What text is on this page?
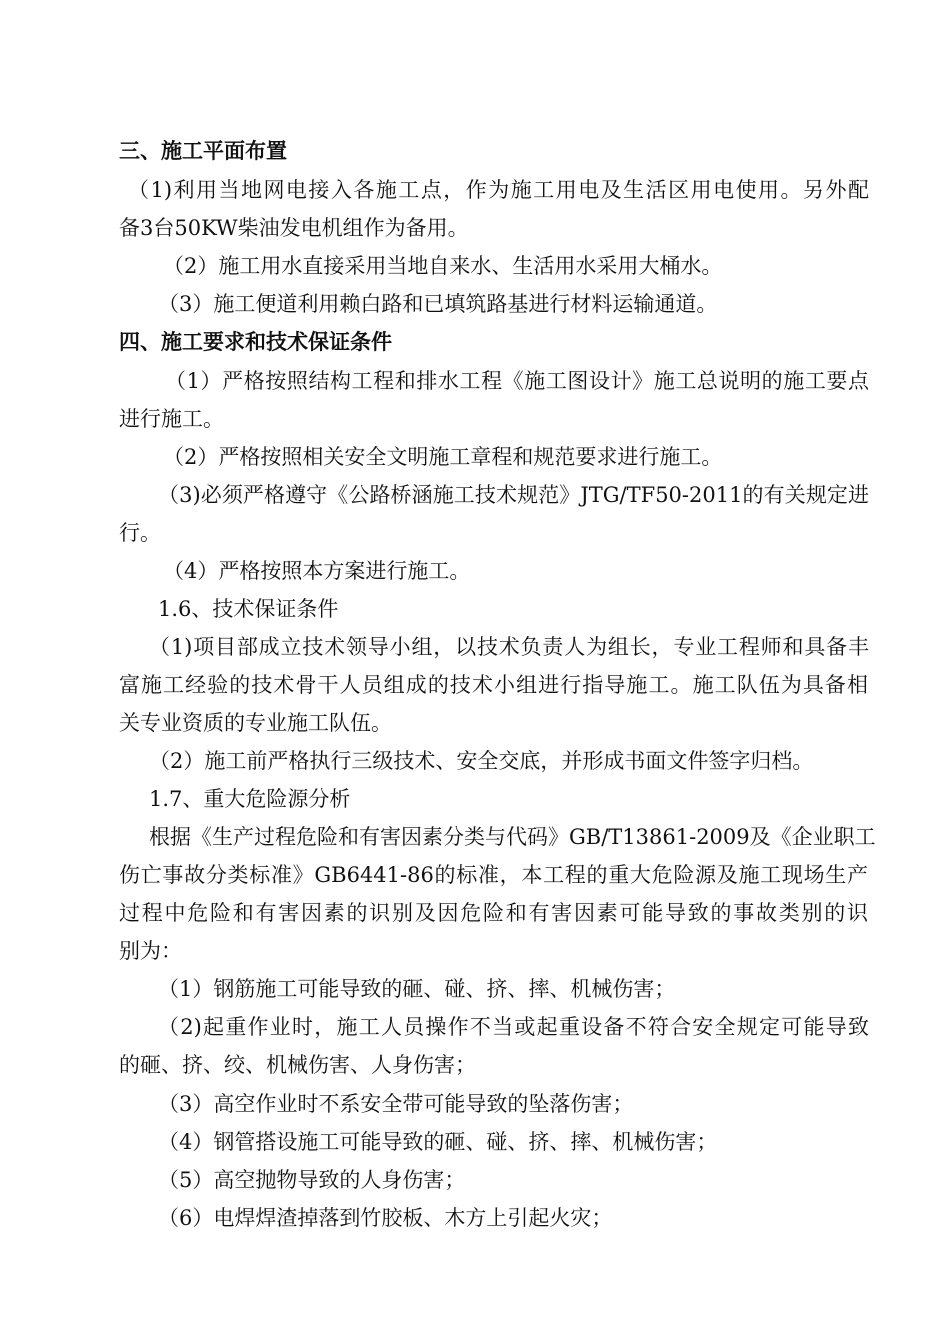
三、施工平面布置
（1)利用当地网电接入各施工点，作为施工用电及生活区用电使用。另外配
备3台50KW柴油发电机组作为备用。
（2）施工用水直接采用当地自来水、生活用水采用大桶水。
（3）施工便道利用赖白路和已填筑路基进行材料运输通道。
四、施工要求和技术保证条件
（1）严格按照结构工程和排水工程《施工图设计》施工总说明的施工要点
进行施工。
（2）严格按照相关安全文明施工章程和规范要求进行施工。
（3)必须严格遵守《公路桥涵施工技术规范》JTG/TF50-2011的有关规定进
行。
（4）严格按照本方案进行施工。
1.6、技术保证条件
（1)项目部成立技术领导小组，以技术负责人为组长，专业工程师和具备丰
富施工经验的技术骨干人员组成的技术小组进行指导施工。施工队伍为具备相
关专业资质的专业施工队伍。
（2）施工前严格执行三级技术、安全交底，并形成书面文件签字归档。
1.7、重大危险源分析
根据《生产过程危险和有害因素分类与代码》GB/T13861-2009及《企业职工
伤亡事故分类标准》GB6441-86的标准，本工程的重大危险源及施工现场生产
过程中危险和有害因素的识别及因危险和有害因素可能导致的事故类别的识
别为：
（1）钢筋施工可能导致的砸、碰、挤、摔、机械伤害；
（2)起重作业时，施工人员操作不当或起重设备不符合安全规定可能导致
的砸、挤、绞、机械伤害、人身伤害；
（3）高空作业时不系安全带可能导致的坠落伤害；
（4）钢管搭设施工可能导致的砸、碰、挤、摔、机械伤害；
（5）高空抛物导致的人身伤害；
（6）电焊焊渣掉落到竹胶板、木方上引起火灾；
